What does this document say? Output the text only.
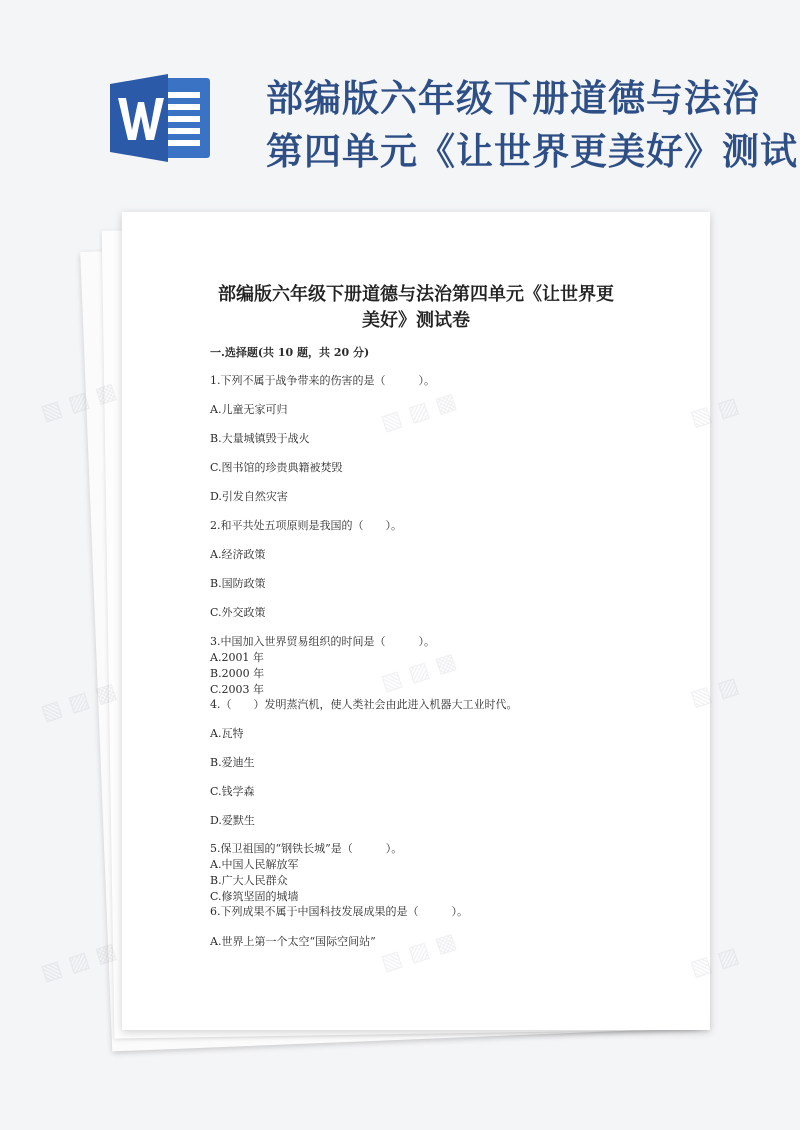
部编版六年级下册道德与法治
第四单元《让世界更美好》测试
部编版六年级下册道德与法治第四单元《让世界更
美好》测试卷
一.选择题(共 10 题，共 20 分)
1.下列不属于战争带来的伤害的是（　　　）。
A.儿童无家可归
B.大量城镇毁于战火
C.图书馆的珍贵典籍被焚毁
D.引发自然灾害
2.和平共处五项原则是我国的（　　）。
A.经济政策
B.国防政策
C.外交政策
3.中国加入世界贸易组织的时间是（　　　）。
A.2001 年
B.2000 年
C.2003 年
4.（　　）发明蒸汽机，使人类社会由此进入机器大工业时代。
A.瓦特
B.爱迪生
C.钱学森
D.爱默生
5.保卫祖国的“钢铁长城”是（　　　）。
A.中国人民解放军
B.广大人民群众
C.修筑坚固的城墙
6.下列成果不属于中国科技发展成果的是（　　　）。
A.世界上第一个太空“国际空间站”
▧ ▨ ▩	▧ ▨
▧ ▨ ▩	▧ ▨
▧ ▨ ▩	▧ ▨
